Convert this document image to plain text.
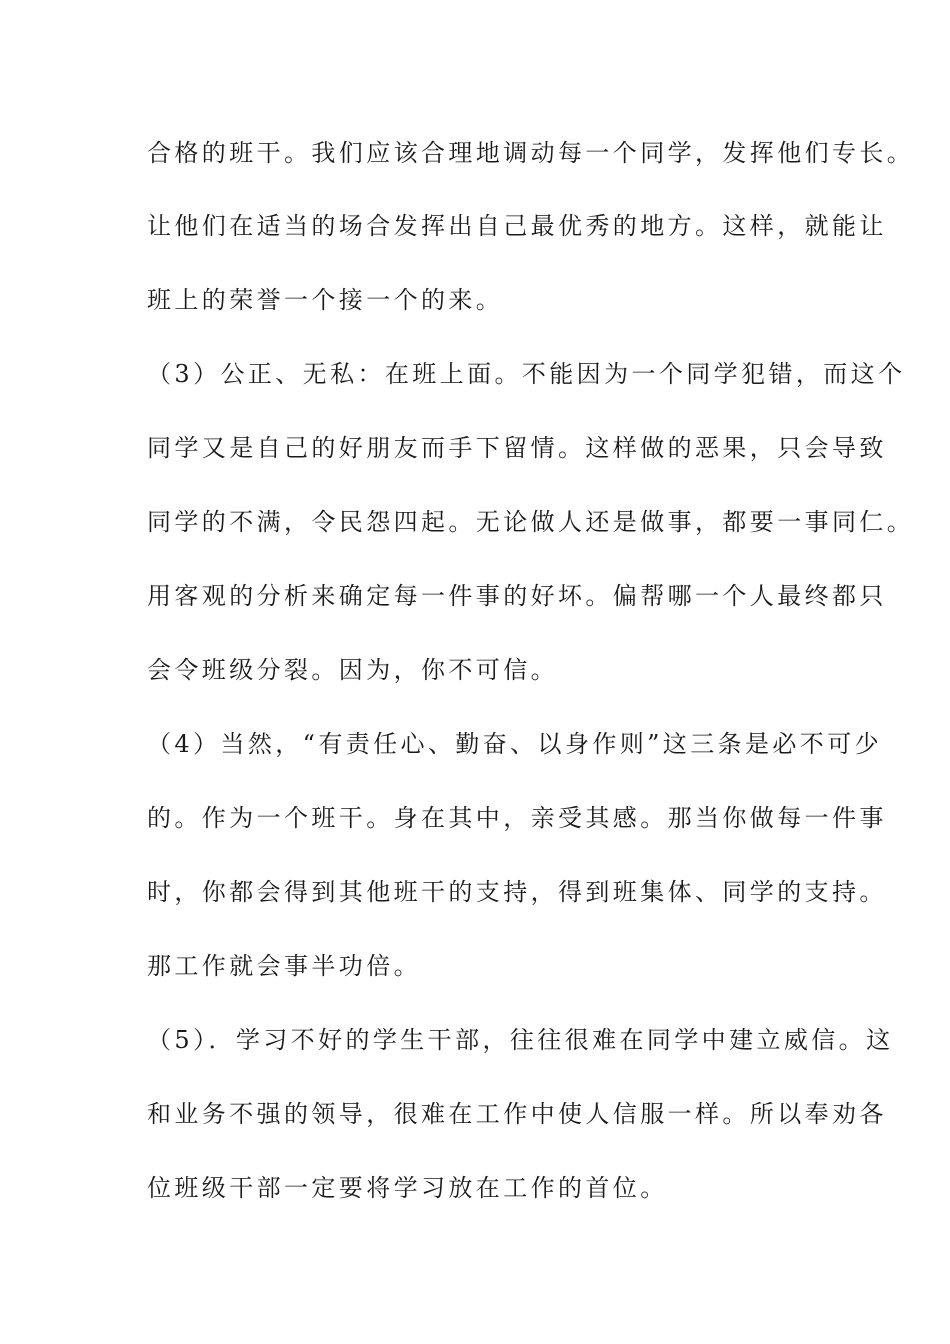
合格的班干。我们应该合理地调动每一个同学，发挥他们专长。
让他们在适当的场合发挥出自己最优秀的地方。这样，就能让
班上的荣誉一个接一个的来。
（3）公正、无私：在班上面。不能因为一个同学犯错，而这个
同学又是自己的好朋友而手下留情。这样做的恶果，只会导致
同学的不满，令民怨四起。无论做人还是做事，都要一事同仁。
用客观的分析来确定每一件事的好坏。偏帮哪一个人最终都只
会令班级分裂。因为，你不可信。
（4）当然，“有责任心、勤奋、以身作则”这三条是必不可少
的。作为一个班干。身在其中，亲受其感。那当你做每一件事
时，你都会得到其他班干的支持，得到班集体、同学的支持。
那工作就会事半功倍。
（5）．学习不好的学生干部，往往很难在同学中建立威信。这
和业务不强的领导，很难在工作中使人信服一样。所以奉劝各
位班级干部一定要将学习放在工作的首位。
